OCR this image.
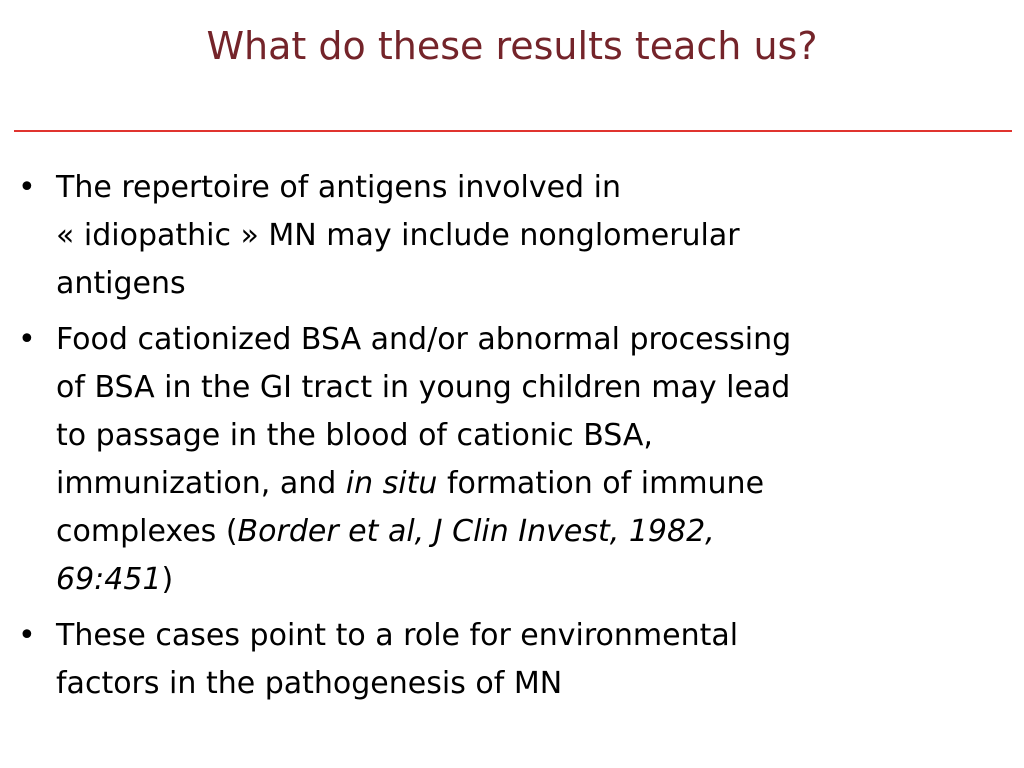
What do these results teach us?
• The repertoire of antigens involved in
« idiopathic » MN may include nonglomerular
antigens
• Food cationized BSA and/or abnormal processing
of BSA in the GI tract in young children may lead
to passage in the blood of cationic BSA,
immunization, and in situ formation of immune
complexes (Border et al, J Clin Invest, 1982,
69:451)
• These cases point to a role for environmental
factors in the pathogenesis of MN
